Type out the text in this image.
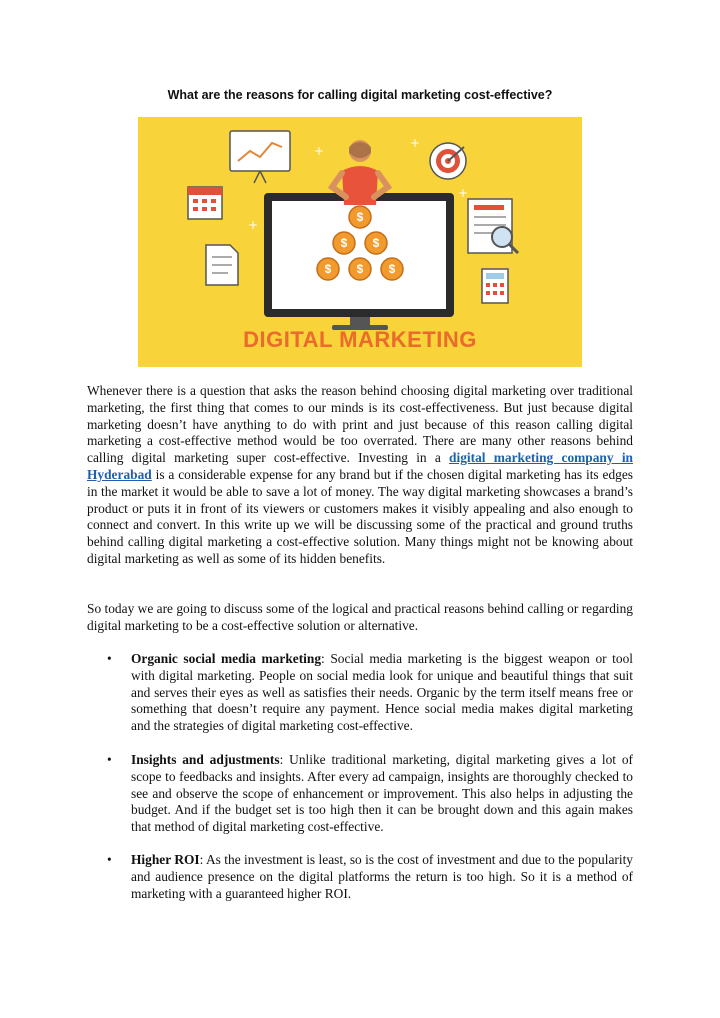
What are the reasons for calling digital marketing cost-effective?
$
$ $
$ $ $
+
+
+
+
DIGITAL MARKETING

Whenever there is a question that asks the reason behind choosing digital marketing over traditional marketing, the first thing that comes to our minds is its cost-effectiveness. But just because digital marketing doesn’t have anything to do with print and just because of this reason calling digital marketing a cost-effective method would be too overrated. There are many other reasons behind calling digital marketing super cost-effective. Investing in a digital marketing company in Hyderabad is a considerable expense for any brand but if the chosen digital marketing has its edges in the market it would be able to save a lot of money. The way digital marketing showcases a brand’s product or puts it in front of its viewers or customers makes it visibly appealing and also enough to connect and convert. In this write up we will be discussing some of the practical and ground truths behind calling digital marketing a cost-effective solution. Many things might not be knowing about digital marketing as well as some of its hidden benefits.

So today we are going to discuss some of the logical and practical reasons behind calling or regarding digital marketing to be a cost-effective solution or alternative.

• Organic social media marketing: Social media marketing is the biggest weapon or tool with digital marketing. People on social media look for unique and beautiful things that suit and serves their eyes as well as satisfies their needs. Organic by the term itself means free or something that doesn’t require any payment. Hence social media makes digital marketing and the strategies of digital marketing cost-effective.

• Insights and adjustments: Unlike traditional marketing, digital marketing gives a lot of scope to feedbacks and insights. After every ad campaign, insights are thoroughly checked to see and observe the scope of enhancement or improvement. This also helps in adjusting the budget. And if the budget set is too high then it can be brought down and this again makes that method of digital marketing cost-effective.

• Higher ROI: As the investment is least, so is the cost of investment and due to the popularity and audience presence on the digital platforms the return is too high. So it is a method of marketing with a guaranteed higher ROI.
